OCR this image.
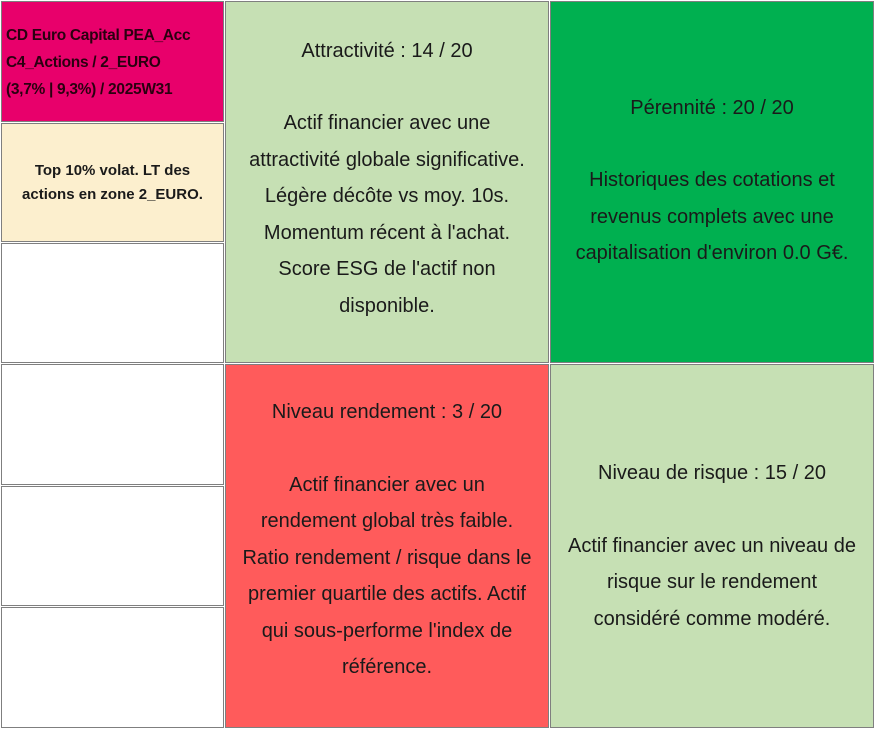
CD Euro Capital PEA_Acc
C4_Actions / 2_EURO
(3,7% | 9,3%) / 2025W31
Top 10% volat. LT des
actions en zone 2_EURO.
Attractivité : 14 / 20
Actif financier avec une
attractivité globale significative.
Légère décôte vs moy. 10s.
Momentum récent à l'achat.
Score ESG de l'actif non
disponible.
Pérennité : 20 / 20
Historiques des cotations et
revenus complets avec une
capitalisation d'environ 0.0 G€.
Niveau rendement : 3 / 20
Actif financier avec un
rendement global très faible.
Ratio rendement / risque dans le
premier quartile des actifs. Actif
qui sous-performe l'index de
référence.
Niveau de risque : 15 / 20
Actif financier avec un niveau de
risque sur le rendement
considéré comme modéré.
